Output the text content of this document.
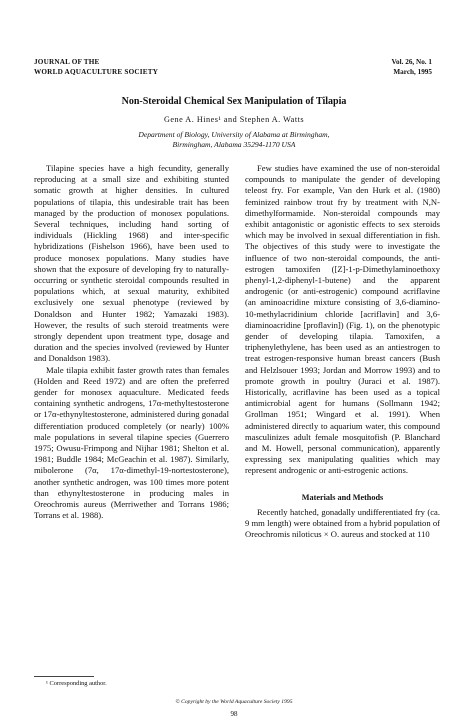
JOURNAL OF THE
WORLD AQUACULTURE SOCIETY
Vol. 26, No. 1
March, 1995
Non-Steroidal Chemical Sex Manipulation of Tilapia
Gene A. Hines¹ and Stephen A. Watts
Department of Biology, University of Alabama at Birmingham,
Birmingham, Alabama 35294-1170 USA

Tilapine species have a high fecundity, generally reproducing at a small size and exhibiting stunted somatic growth at higher densities. In cultured populations of tilapia, this undesirable trait has been managed by the production of monosex populations. Several techniques, including hand sorting of individuals (Hickling 1968) and inter-specific hybridizations (Fishelson 1966), have been used to produce monosex populations. Many studies have shown that the exposure of developing fry to naturally-occurring or synthetic steroidal compounds resulted in populations which, at sexual maturity, exhibited exclusively one sexual phenotype (reviewed by Donaldson and Hunter 1982; Yamazaki 1983). However, the results of such steroid treatments were strongly dependent upon treatment type, dosage and duration and the species involved (reviewed by Hunter and Donaldson 1983).

Male tilapia exhibit faster growth rates than females (Holden and Reed 1972) and are often the preferred gender for monosex aquaculture. Medicated feeds containing synthetic androgens, 17α-methyltestosterone or 17α-ethynyltestosterone, administered during gonadal differentiation produced completely (or nearly) 100% male populations in several tilapine species (Guerrero 1975; Owusu-Frimpong and Nijhar 1981; Shelton et al. 1981; Buddle 1984; McGeachin et al. 1987). Similarly, mibolerone (7α, 17α-dimethyl-19-nortestosterone), another synthetic androgen, was 100 times more potent than ethynyltestosterone in producing males in Oreochromis aureus (Merriwether and Torrans 1986; Torrans et al. 1988).

Few studies have examined the use of non-steroidal compounds to manipulate the gender of developing teleost fry. For example, Van den Hurk et al. (1980) feminized rainbow trout fry by treatment with N,N-dimethylformamide. Non-steroidal compounds may exhibit antagonistic or agonistic effects to sex steroids which may be involved in sexual differentiation in fish. The objectives of this study were to investigate the influence of two non-steroidal compounds, the anti-estrogen tamoxifen ([Z]-1-p-Dimethylaminoethoxy phenyl-1,2-diphenyl-1-butene) and the apparent androgenic (or anti-estrogenic) compound acriflavine (an aminoacridine mixture consisting of 3,6-diamino-10-methylacridinium chloride [acriflavin] and 3,6-diaminoacridine [proflavin]) (Fig. 1), on the phenotypic gender of developing tilapia. Tamoxifen, a triphenylethylene, has been used as an antiestrogen to treat estrogen-responsive human breast cancers (Bush and Helzlsouer 1993; Jordan and Morrow 1993) and to promote growth in poultry (Juraci et al. 1987). Historically, acriflavine has been used as a topical antimicrobial agent for humans (Sollmann 1942; Grollman 1951; Wingard et al. 1991). When administered directly to aquarium water, this compound masculinizes adult female mosquitofish (P. Blanchard and M. Howell, personal communication), apparently expressing sex manipulating qualities which may represent androgenic or anti-estrogenic actions.

Materials and Methods

Recently hatched, gonadally undifferentiated fry (ca. 9 mm length) were obtained from a hybrid population of Oreochromis niloticus × O. aureus and stocked at 110

¹ Corresponding author.
© Copyright by the World Aquaculture Society 1995
98
